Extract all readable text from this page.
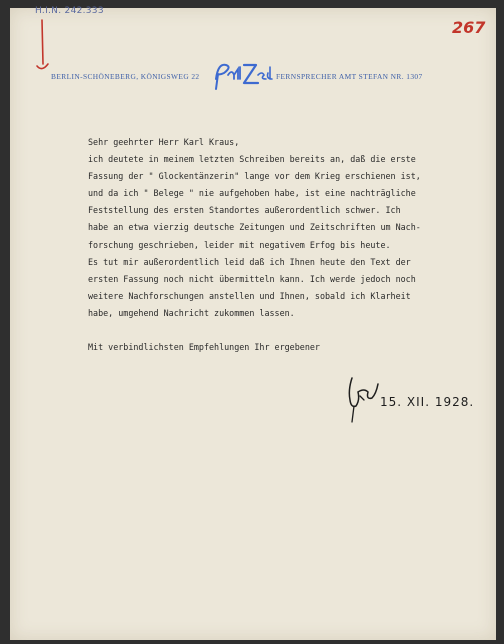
H.I.N. 242.333
267
BERLIN-SCHÖNEBERG, KÖNIGSWEG 22	FERNSPRECHER AMT STEFAN NR. 1307

Sehr geehrter Herr Karl Kraus,

ich deutete in meinem letzten Schreiben bereits an, daß die erste

Fassung der " Glockentänzerin" lange vor dem Krieg erschienen ist,

und da ich " Belege " nie aufgehoben habe, ist eine nachträgliche

Feststellung des ersten Standortes außerordentlich schwer. Ich

habe an etwa vierzig deutsche Zeitungen und Zeitschriften um Nach-

forschung geschrieben, leider mit negativem Erfog bis heute.

Es tut mir außerordentlich leid daß ich Ihnen heute den Text der

ersten Fassung noch nicht übermitteln kann. Ich werde jedoch noch

weitere Nachforschungen anstellen und Ihnen, sobald ich Klarheit

habe, umgehend Nachricht zukommen lassen.

Mit verbindlichsten Empfehlungen Ihr ergebener

15. XII. 1928.
